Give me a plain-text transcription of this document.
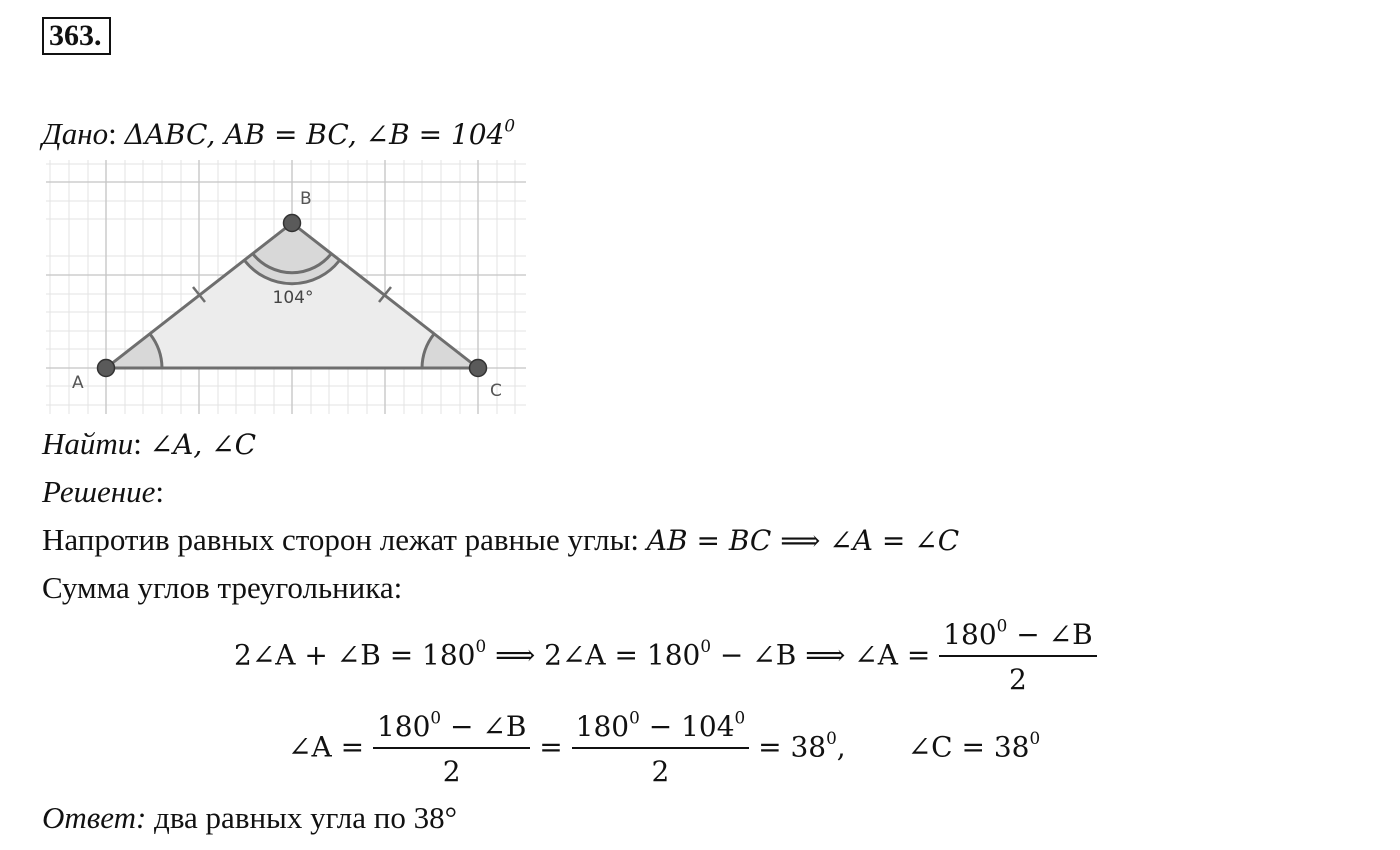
363.
Дано: ΔABC, AB = BC, ∠B = $104^0$
A
B
C
104°
Найти: ∠A, ∠C
Решение:
Напротив равных сторон лежат равные углы: AB = BC ⟹ ∠A = ∠C
Сумма углов треугольника:
2∠A + ∠B = $180^0$ ⟹ 2∠A = $180^0$ − ∠B ⟹ ∠A = $\frac{180^0 - \angle B}{2}$
∠A = $\frac{180^0 - \angle B}{2} = \frac{180^0 - 104^0}{2} = 38^0$, ∠C = $38^0$
Ответ: два равных угла по 38°
